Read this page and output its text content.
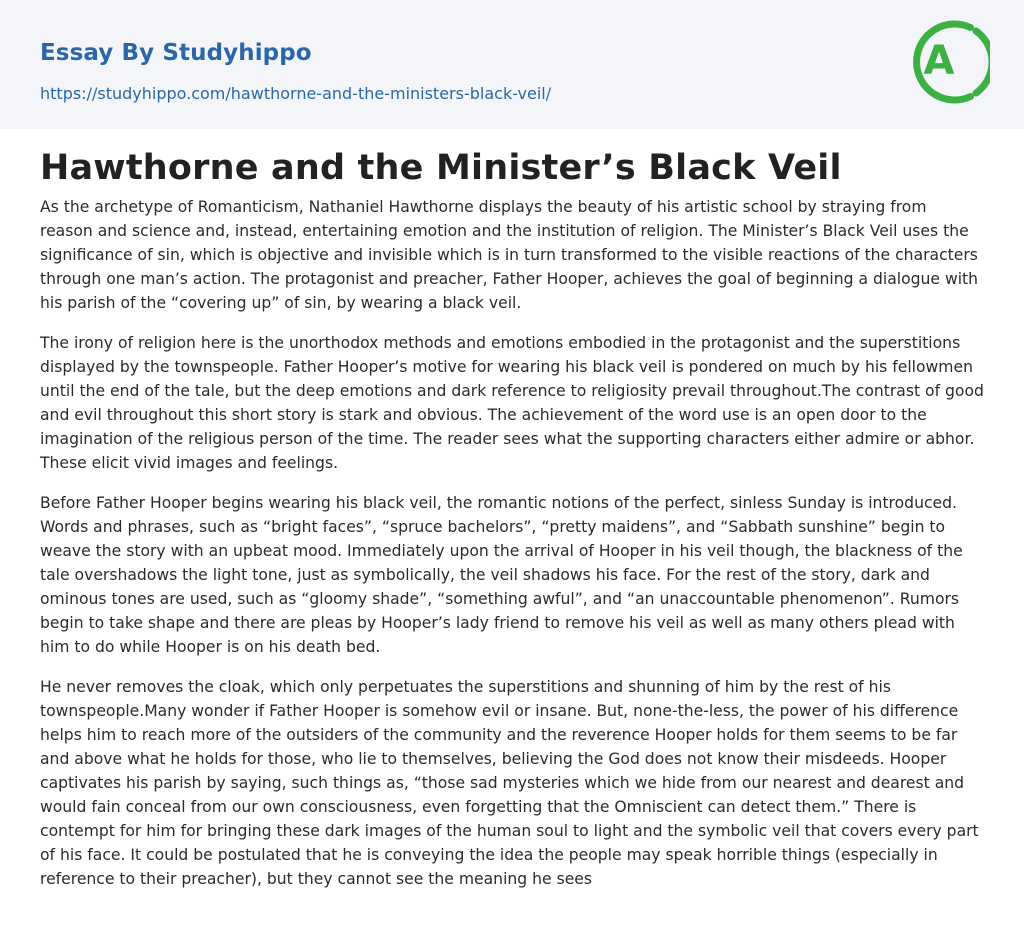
Essay By Studyhippo

https://studyhippo.com/hawthorne-and-the-ministers-black-veil/
A
Hawthorne and the Minister’s Black Veil

As the archetype of Romanticism, Nathaniel Hawthorne displays the beauty of his artistic school by straying from reason and science and, instead, entertaining emotion and the institution of religion. The Minister’s Black Veil uses the significance of sin, which is objective and invisible which is in turn transformed to the visible reactions of the characters through one man’s action. The protagonist and preacher, Father Hooper, achieves the goal of beginning a dialogue with his parish of the “covering up” of sin, by wearing a black veil.

The irony of religion here is the unorthodox methods and emotions embodied in the protagonist and the superstitions displayed by the townspeople. Father Hooper’s motive for wearing his black veil is pondered on much by his fellowmen until the end of the tale, but the deep emotions and dark reference to religiosity prevail throughout.The contrast of good and evil throughout this short story is stark and obvious. The achievement of the word use is an open door to the imagination of the religious person of the time. The reader sees what the supporting characters either admire or abhor. These elicit vivid images and feelings.

Before Father Hooper begins wearing his black veil, the romantic notions of the perfect, sinless Sunday is introduced. Words and phrases, such as “bright faces”, “spruce bachelors”, “pretty maidens”, and “Sabbath sunshine” begin to weave the story with an upbeat mood. Immediately upon the arrival of Hooper in his veil though, the blackness of the tale overshadows the light tone, just as symbolically, the veil shadows his face. For the rest of the story, dark and ominous tones are used, such as “gloomy shade”, “something awful”, and “an unaccountable phenomenon”. Rumors begin to take shape and there are pleas by Hooper’s lady friend to remove his veil as well as many others plead with him to do while Hooper is on his death bed.

He never removes the cloak, which only perpetuates the superstitions and shunning of him by the rest of his townspeople.Many wonder if Father Hooper is somehow evil or insane. But, none-the-less, the power of his difference helps him to reach more of the outsiders of the community and the reverence Hooper holds for them seems to be far and above what he holds for those, who lie to themselves, believing the God does not know their misdeeds. Hooper captivates his parish by saying, such things as, “those sad mysteries which we hide from our nearest and dearest and would fain conceal from our own consciousness, even forgetting that the Omniscient can detect them.” There is contempt for him for bringing these dark images of the human soul to light and the symbolic veil that covers every part of his face. It could be postulated that he is conveying the idea the people may speak horrible things (especially in reference to their preacher), but they cannot see the meaning he sees
